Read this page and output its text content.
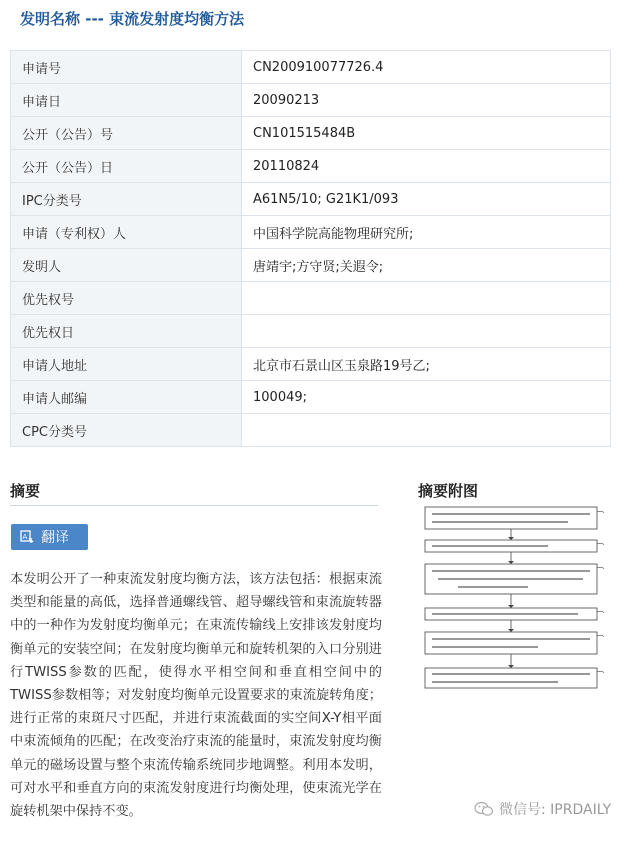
发明名称 --- 束流发射度均衡方法
申请号	CN200910077726.4
申请日	20090213
公开（公告）号	CN101515484B
公开（公告）日	20110824
IPC分类号	A61N5/10; G21K1/093
申请（专利权）人	中国科学院高能物理研究所;
发明人	唐靖宇;方守贤;关遐令;
优先权号	
优先权日	
申请人地址	北京市石景山区玉泉路19号乙;
申请人邮编	100049;
CPC分类号	
摘要	摘要附图
A 翻译
本发明公开了一种束流发射度均衡方法，该方法包括：根据束流类型和能量的高低，选择普通螺线管、超导螺线管和束流旋转器中的一种作为发射度均衡单元；在束流传输线上安排该发射度均衡单元的安装空间；在发射度均衡单元和旋转机架的入口分别进行TWISS参数的匹配，使得水平相空间和垂直相空间中的TWISS参数相等；对发射度均衡单元设置要求的束流旋转角度；进行正常的束斑尺寸匹配，并进行束流截面的实空间X-Y相平面中束流倾角的匹配；在改变治疗束流的能量时，束流发射度均衡单元的磁场设置与整个束流传输系统同步地调整。利用本发明，可对水平和垂直方向的束流发射度进行均衡处理，使束流光学在旋转机架中保持不变。	微信号: IPRDAILY
